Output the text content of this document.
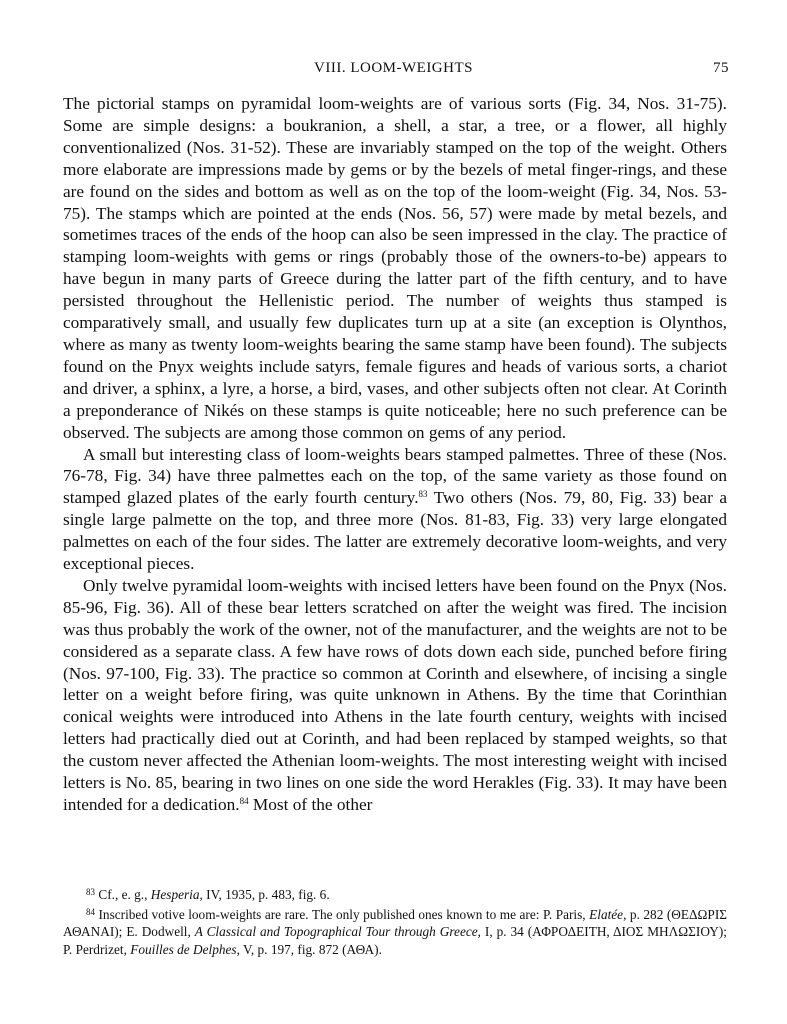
VIII. LOOM-WEIGHTS	75

The pictorial stamps on pyramidal loom-weights are of various sorts (Fig. 34, Nos. 31-75). Some are simple designs: a boukranion, a shell, a star, a tree, or a flower, all highly conventionalized (Nos. 31-52). These are invariably stamped on the top of the weight. Others more elaborate are impressions made by gems or by the bezels of metal finger-rings, and these are found on the sides and bottom as well as on the top of the loom-weight (Fig. 34, Nos. 53-75). The stamps which are pointed at the ends (Nos. 56, 57) were made by metal bezels, and sometimes traces of the ends of the hoop can also be seen impressed in the clay. The practice of stamping loom-weights with gems or rings (probably those of the owners-to-be) appears to have begun in many parts of Greece during the latter part of the fifth century, and to have persisted throughout the Hellenistic period. The number of weights thus stamped is comparatively small, and usually few duplicates turn up at a site (an exception is Olynthos, where as many as twenty loom-weights bearing the same stamp have been found). The subjects found on the Pnyx weights include satyrs, female figures and heads of various sorts, a chariot and driver, a sphinx, a lyre, a horse, a bird, vases, and other subjects often not clear. At Corinth a preponderance of Nikés on these stamps is quite noticeable; here no such preference can be observed. The subjects are among those common on gems of any period.

A small but interesting class of loom-weights bears stamped palmettes. Three of these (Nos. 76-78, Fig. 34) have three palmettes each on the top, of the same variety as those found on stamped glazed plates of the early fourth century.$^{83}$ Two others (Nos. 79, 80, Fig. 33) bear a single large palmette on the top, and three more (Nos. 81-83, Fig. 33) very large elongated palmettes on each of the four sides. The latter are extremely decorative loom-weights, and very exceptional pieces.

Only twelve pyramidal loom-weights with incised letters have been found on the Pnyx (Nos. 85-96, Fig. 36). All of these bear letters scratched on after the weight was fired. The incision was thus probably the work of the owner, not of the manufacturer, and the weights are not to be considered as a separate class. A few have rows of dots down each side, punched before firing (Nos. 97-100, Fig. 33). The practice so common at Corinth and elsewhere, of incising a single letter on a weight before firing, was quite unknown in Athens. By the time that Corinthian conical weights were introduced into Athens in the late fourth century, weights with incised letters had practically died out at Corinth, and had been replaced by stamped weights, so that the custom never affected the Athenian loom-weights. The most interesting weight with incised letters is No. 85, bearing in two lines on one side the word Herakles (Fig. 33). It may have been intended for a dedication.$^{84}$ Most of the other

$^{83}$ Cf., e. g., Hesperia, IV, 1935, p. 483, fig. 6.

$^{84}$ Inscribed votive loom-weights are rare. The only published ones known to me are: P. Paris, Elatée, p. 282 (ΘΕΔΩΡΙΣ ΑΘΑΝΑΙ); E. Dodwell, A Classical and Topographical Tour through Greece, I, p. 34 (ΑΦΡΟΔΕΙΤΗ, ΔΙΟΣ ΜΗΛΩΣΙΟΥ); P. Perdrizet, Fouilles de Delphes, V, p. 197, fig. 872 (ΑΘΑ).
